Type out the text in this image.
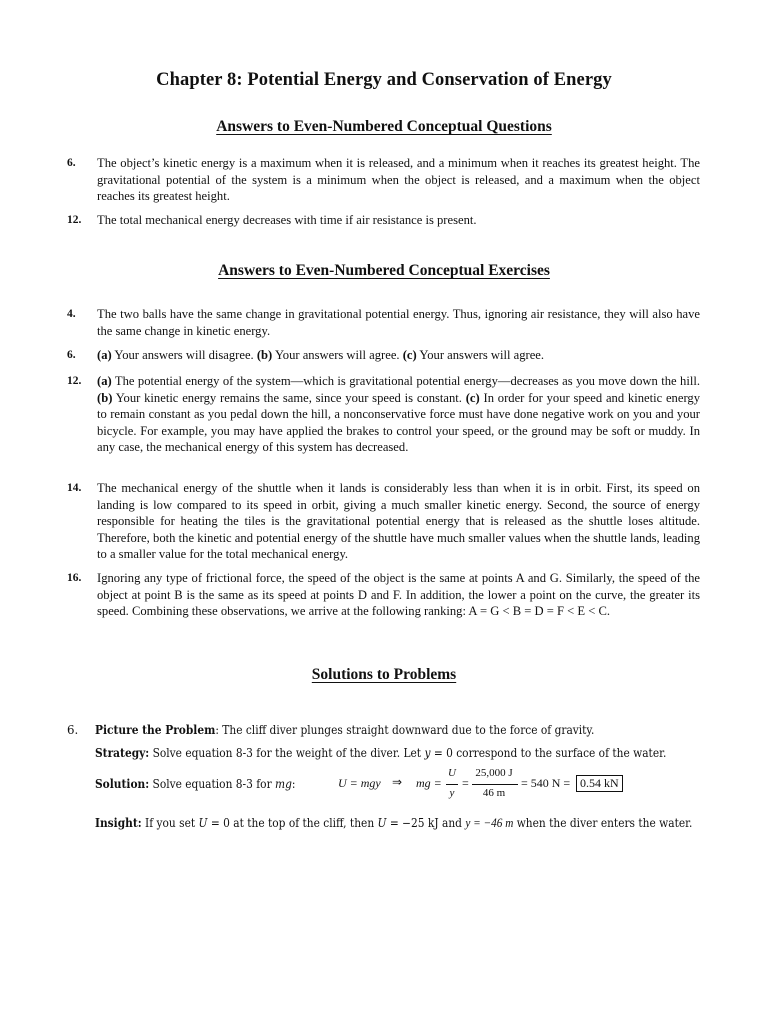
Chapter 8: Potential Energy and Conservation of Energy
Answers to Even-Numbered Conceptual Questions
6. The object’s kinetic energy is a maximum when it is released, and a minimum when it reaches its greatest height. The gravitational potential of the system is a minimum when the object is released, and a maximum when the object reaches its greatest height.
12. The total mechanical energy decreases with time if air resistance is present.
Answers to Even-Numbered Conceptual Exercises
4. The two balls have the same change in gravitational potential energy. Thus, ignoring air resistance, they will also have the same change in kinetic energy.
6. (a) Your answers will disagree. (b) Your answers will agree. (c) Your answers will agree.
12. (a) The potential energy of the system—which is gravitational potential energy—decreases as you move down the hill. (b) Your kinetic energy remains the same, since your speed is constant. (c) In order for your speed and kinetic energy to remain constant as you pedal down the hill, a nonconservative force must have done negative work on you and your bicycle. For example, you may have applied the brakes to control your speed, or the ground may be soft or muddy. In any case, the mechanical energy of this system has decreased.
14. The mechanical energy of the shuttle when it lands is considerably less than when it is in orbit. First, its speed on landing is low compared to its speed in orbit, giving a much smaller kinetic energy. Second, the source of energy responsible for heating the tiles is the gravitational potential energy that is released as the shuttle loses altitude. Therefore, both the kinetic and potential energy of the shuttle have much smaller values when the shuttle lands, leading to a smaller value for the total mechanical energy.
16. Ignoring any type of frictional force, the speed of the object is the same at points A and G. Similarly, the speed of the object at point B is the same as its speed at points D and F. In addition, the lower a point on the curve, the greater its speed. Combining these observations, we arrive at the following ranking: A = G < B = D = F < E < C.
Solutions to Problems
6. Picture the Problem: The cliff diver plunges straight downward due to the force of gravity.
Strategy: Solve equation 8-3 for the weight of the diver. Let y = 0 correspond to the surface of the water.
Solution: Solve equation 8-3 for mg:	U = mgy ⇒ mg =
U
y
=
25,000 J
46 m
= 540 N = 0.54 kN
Insight: If you set U = 0 at the top of the cliff, then U = −25 kJ and y = −46 m when the diver enters the water.
